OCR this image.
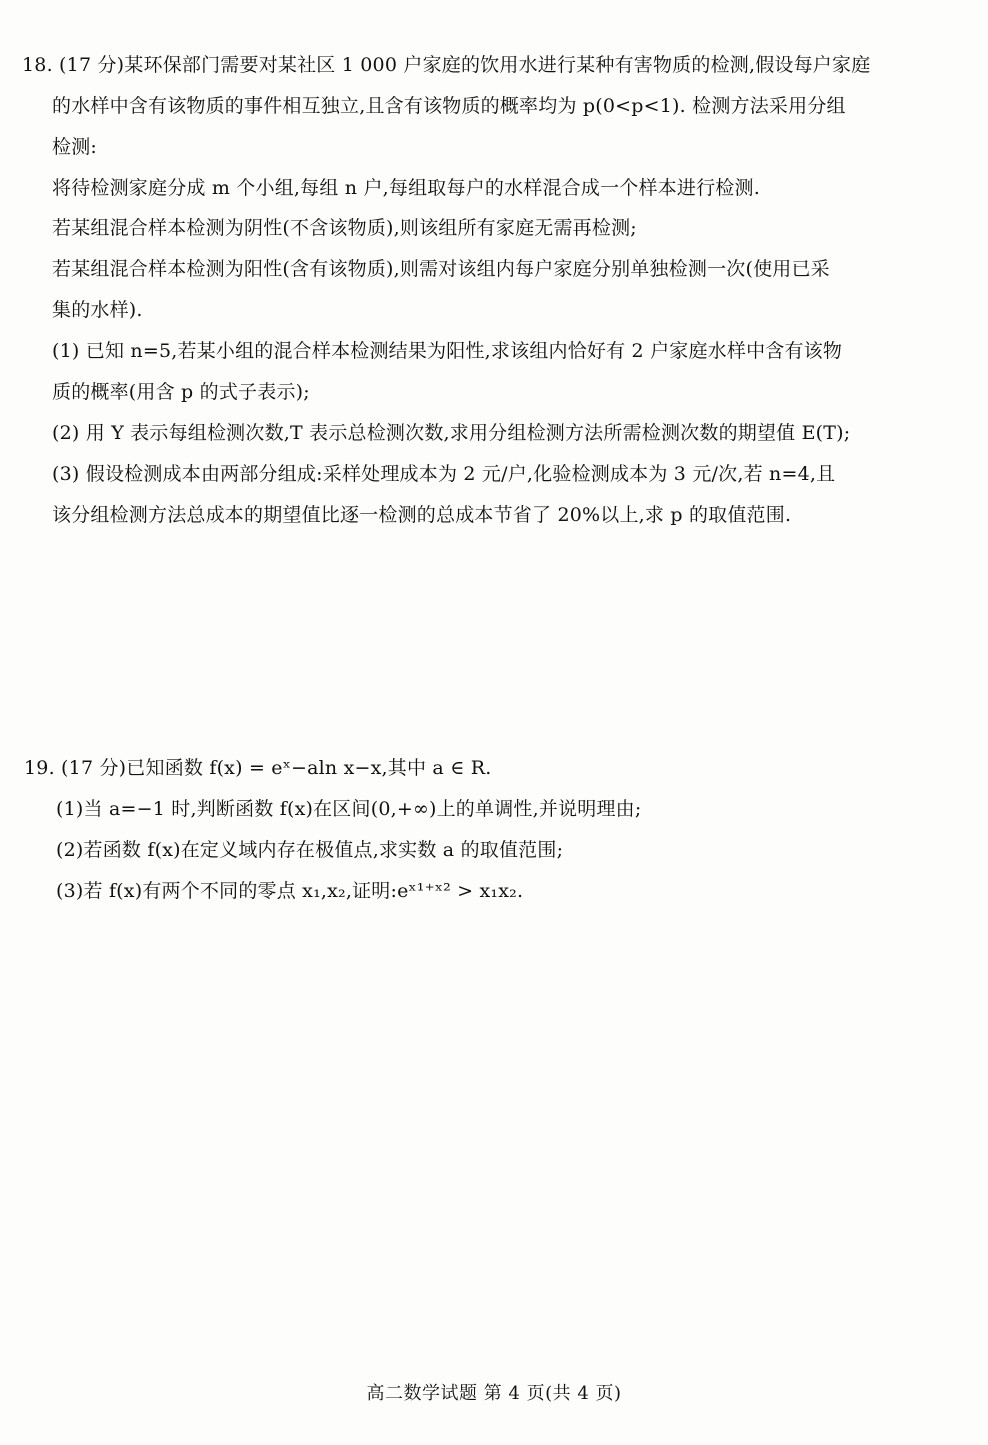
18. (17 分)某环保部门需要对某社区 1 000 户家庭的饮用水进行某种有害物质的检测,假设每户家庭
的水样中含有该物质的事件相互独立,且含有该物质的概率均为 p(0<p<1). 检测方法采用分组
检测:
将待检测家庭分成 m 个小组,每组 n 户,每组取每户的水样混合成一个样本进行检测.
若某组混合样本检测为阴性(不含该物质),则该组所有家庭无需再检测;
若某组混合样本检测为阳性(含有该物质),则需对该组内每户家庭分别单独检测一次(使用已采
集的水样).
(1) 已知 n=5,若某小组的混合样本检测结果为阳性,求该组内恰好有 2 户家庭水样中含有该物
质的概率(用含 p 的式子表示);
(2) 用 Y 表示每组检测次数,T 表示总检测次数,求用分组检测方法所需检测次数的期望值 E(T);
(3) 假设检测成本由两部分组成:采样处理成本为 2 元/户,化验检测成本为 3 元/次,若 n=4,且
该分组检测方法总成本的期望值比逐一检测的总成本节省了 20%以上,求 p 的取值范围.
19. (17 分)已知函数 f(x) = eˣ−aln x−x,其中 a ∈ R.
(1)当 a=−1 时,判断函数 f(x)在区间(0,+∞)上的单调性,并说明理由;
(2)若函数 f(x)在定义域内存在极值点,求实数 a 的取值范围;
(3)若 f(x)有两个不同的零点 x₁,x₂,证明:eˣ¹⁺ˣ² > x₁x₂.
高二数学试题 第 4 页(共 4 页)
